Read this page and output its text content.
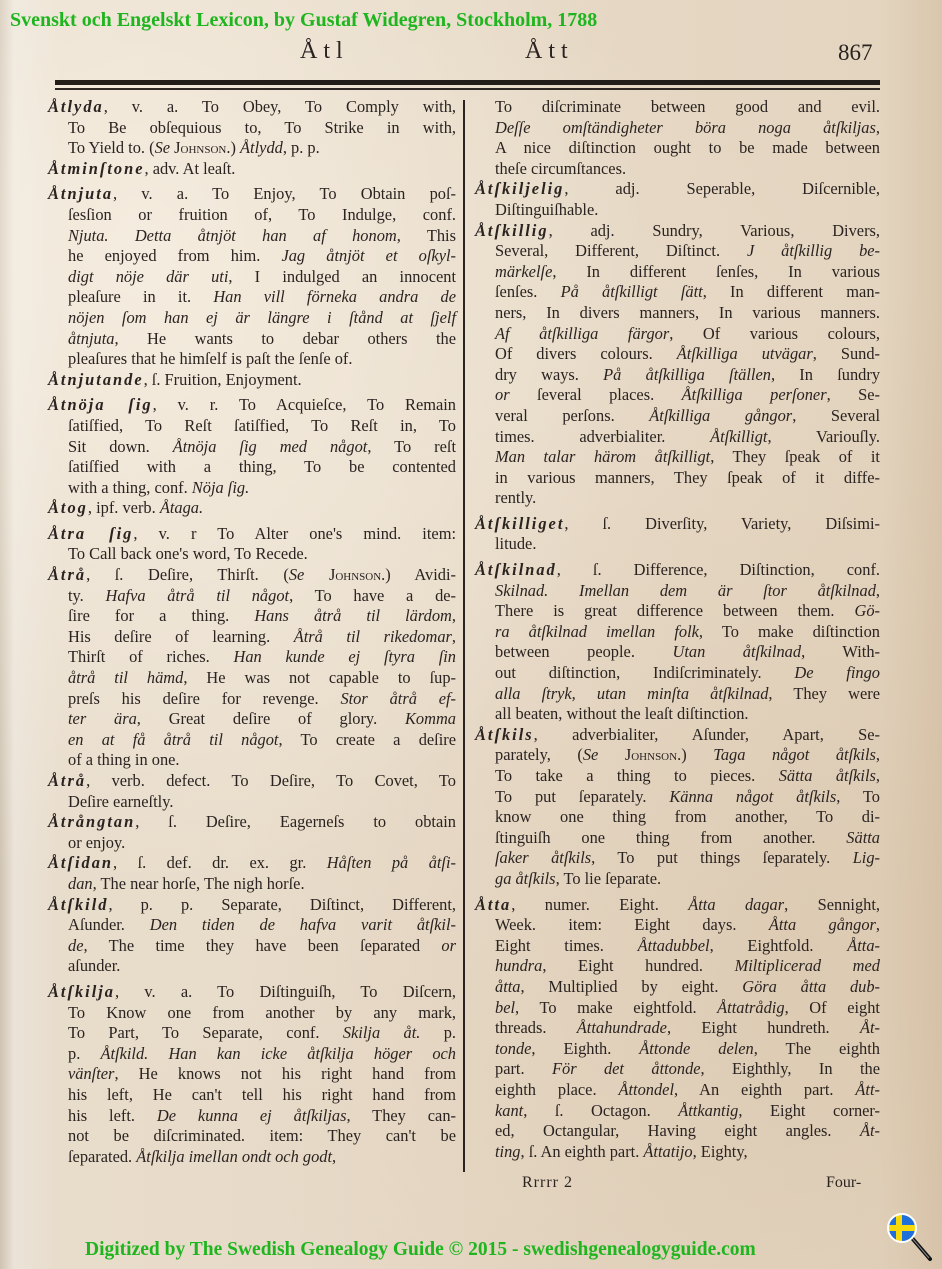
Svenskt och Engelskt Lexicon, by Gustaf Widegren, Stockholm, 1788
Åtl	Ått	867
Åtlyda, v. a. To Obey, To Comply with,
To Be obſequious to, To Strike in with,
To Yield to. (Se Johnson.) Åtlydd, p. p.
Åtminſtone, adv. At leaſt.
Åtnjuta, v. a. To Enjoy, To Obtain poſ-
ſesſion or fruition of, To Indulge, conf.
Njuta. Detta åtnjöt han af honom, This
he enjoyed from him. Jag åtnjöt et oſkyl-
digt nöje där uti, I indulged an innocent
pleaſure in it. Han vill förneka andra de
nöjen ſom han ej är längre i ſtånd at ſjelf
åtnjuta, He wants to debar others the
pleaſures that he himſelf is paſt the ſenſe of.
Åtnjutande, ſ. Fruition, Enjoyment.
Åtnöja ſig, v. r. To Acquieſce, To Remain
ſatiſfied, To Reſt ſatiſfied, To Reſt in, To
Sit down. Åtnöja ſig med något, To reſt
ſatiſfied with a thing, To be contented
with a thing, conf. Nöja ſig.
Åtog, ipf. verb. Åtaga.
Åtra ſig, v. r To Alter one's mind. item:
To Call back one's word, To Recede.
Åtrå, ſ. Deſire, Thirſt. (Se Johnson.) Avidi-
ty. Hafva åtrå til något, To have a de-
ſire for a thing. Hans åtrå til lärdom,
His deſire of learning. Åtrå til rikedomar,
Thirſt of riches. Han kunde ej ſtyra ſin
åtrå til hämd, He was not capable to ſup-
preſs his deſire for revenge. Stor åtrå ef-
ter ära, Great deſire of glory. Komma
en at få åtrå til något, To create a deſire
of a thing in one.
Åtrå, verb. defect. To Deſire, To Covet, To
Deſire earneſtly.
Åtrångtan, ſ. Deſire, Eagerneſs to obtain
or enjoy.
Åtſidan, ſ. def. dr. ex. gr. Håſten på åtſi-
dan, The near horſe, The nigh horſe.
Åtſkild, p. p. Separate, Diſtinct, Different,
Aſunder. Den tiden de hafva varit åtſkil-
de, The time they have been ſeparated or
aſunder.
Åtſkilja, v. a. To Diſtinguiſh, To Diſcern,
To Know one from another by any mark,
To Part, To Separate, conf. Skilja åt. p.
p. Åtſkild. Han kan icke åtſkilja höger och
vänſter, He knows not his right hand from
his left, He can't tell his right hand from
his left. De kunna ej åtſkiljas, They can-
not be diſcriminated. item: They can't be
ſeparated. Åtſkilja imellan ondt och godt,
To diſcriminate between good and evil.
Deſſe omſtändigheter böra noga åtſkiljas,
A nice diſtinction ought to be made between
theſe circumſtances.
Åtſkiljelig, adj. Seperable, Diſcernible,
Diſtinguiſhable.
Åtſkillig, adj. Sundry, Various, Divers,
Several, Different, Diſtinct. J åtſkillig be-
märkelſe, In different ſenſes, In various
ſenſes. På åtſkilligt ſätt, In different man-
ners, In divers manners, In various manners.
Af åtſkilliga färgor, Of various colours,
Of divers colours. Åtſkilliga utvägar, Sund-
dry ways. På åtſkilliga ſtällen, In ſundry
or ſeveral places. Åtſkilliga perſoner, Se-
veral perſons. Åtſkilliga gångor, Several
times. adverbialiter. Åtſkilligt, Variouſly.
Man talar härom åtſkilligt, They ſpeak of it
in various manners, They ſpeak of it diffe-
rently.
Åtſkilliget, ſ. Diverſity, Variety, Diſsimi-
litude.
Åtſkilnad, ſ. Difference, Diſtinction, conf.
Skilnad. Imellan dem är ſtor åtſkilnad,
There is great difference between them. Gö-
ra åtſkilnad imellan folk, To make diſtinction
between people. Utan åtſkilnad, With-
out diſtinction, Indiſcriminately. De fingo
alla ſtryk, utan minſta åtſkilnad, They were
all beaten, without the leaſt diſtinction.
Åtſkils, adverbialiter, Aſunder, Apart, Se-
parately, (Se Johnson.) Taga något åtſkils,
To take a thing to pieces. Sätta åtſkils,
To put ſeparately. Känna något åtſkils, To
know one thing from another, To di-
ſtinguiſh one thing from another. Sätta
ſaker åtſkils, To put things ſeparately. Lig-
ga åtſkils, To lie ſeparate.
Åtta, numer. Eight. Åtta dagar, Sennight,
Week. item: Eight days. Åtta gångor,
Eight times. Åttadubbel, Eightfold. Åtta-
hundra, Eight hundred. Miltiplicerad med
åtta, Multiplied by eight. Göra åtta dub-
bel, To make eightfold. Åttatrådig, Of eight
threads. Åttahundrade, Eight hundreth. Åt-
tonde, Eighth. Åttonde delen, The eighth
part. För det åttonde, Eighthly, In the
eighth place. Åttondel, An eighth part. Ått-
kant, ſ. Octagon. Åttkantig, Eight corner-
ed, Octangular, Having eight angles. Åt-
ting, ſ. An eighth part. Åttatijo, Eighty,
Rrrrr 2	Four-
Digitized by The Swedish Genealogy Guide © 2015 - swedishgenealogyguide.com
